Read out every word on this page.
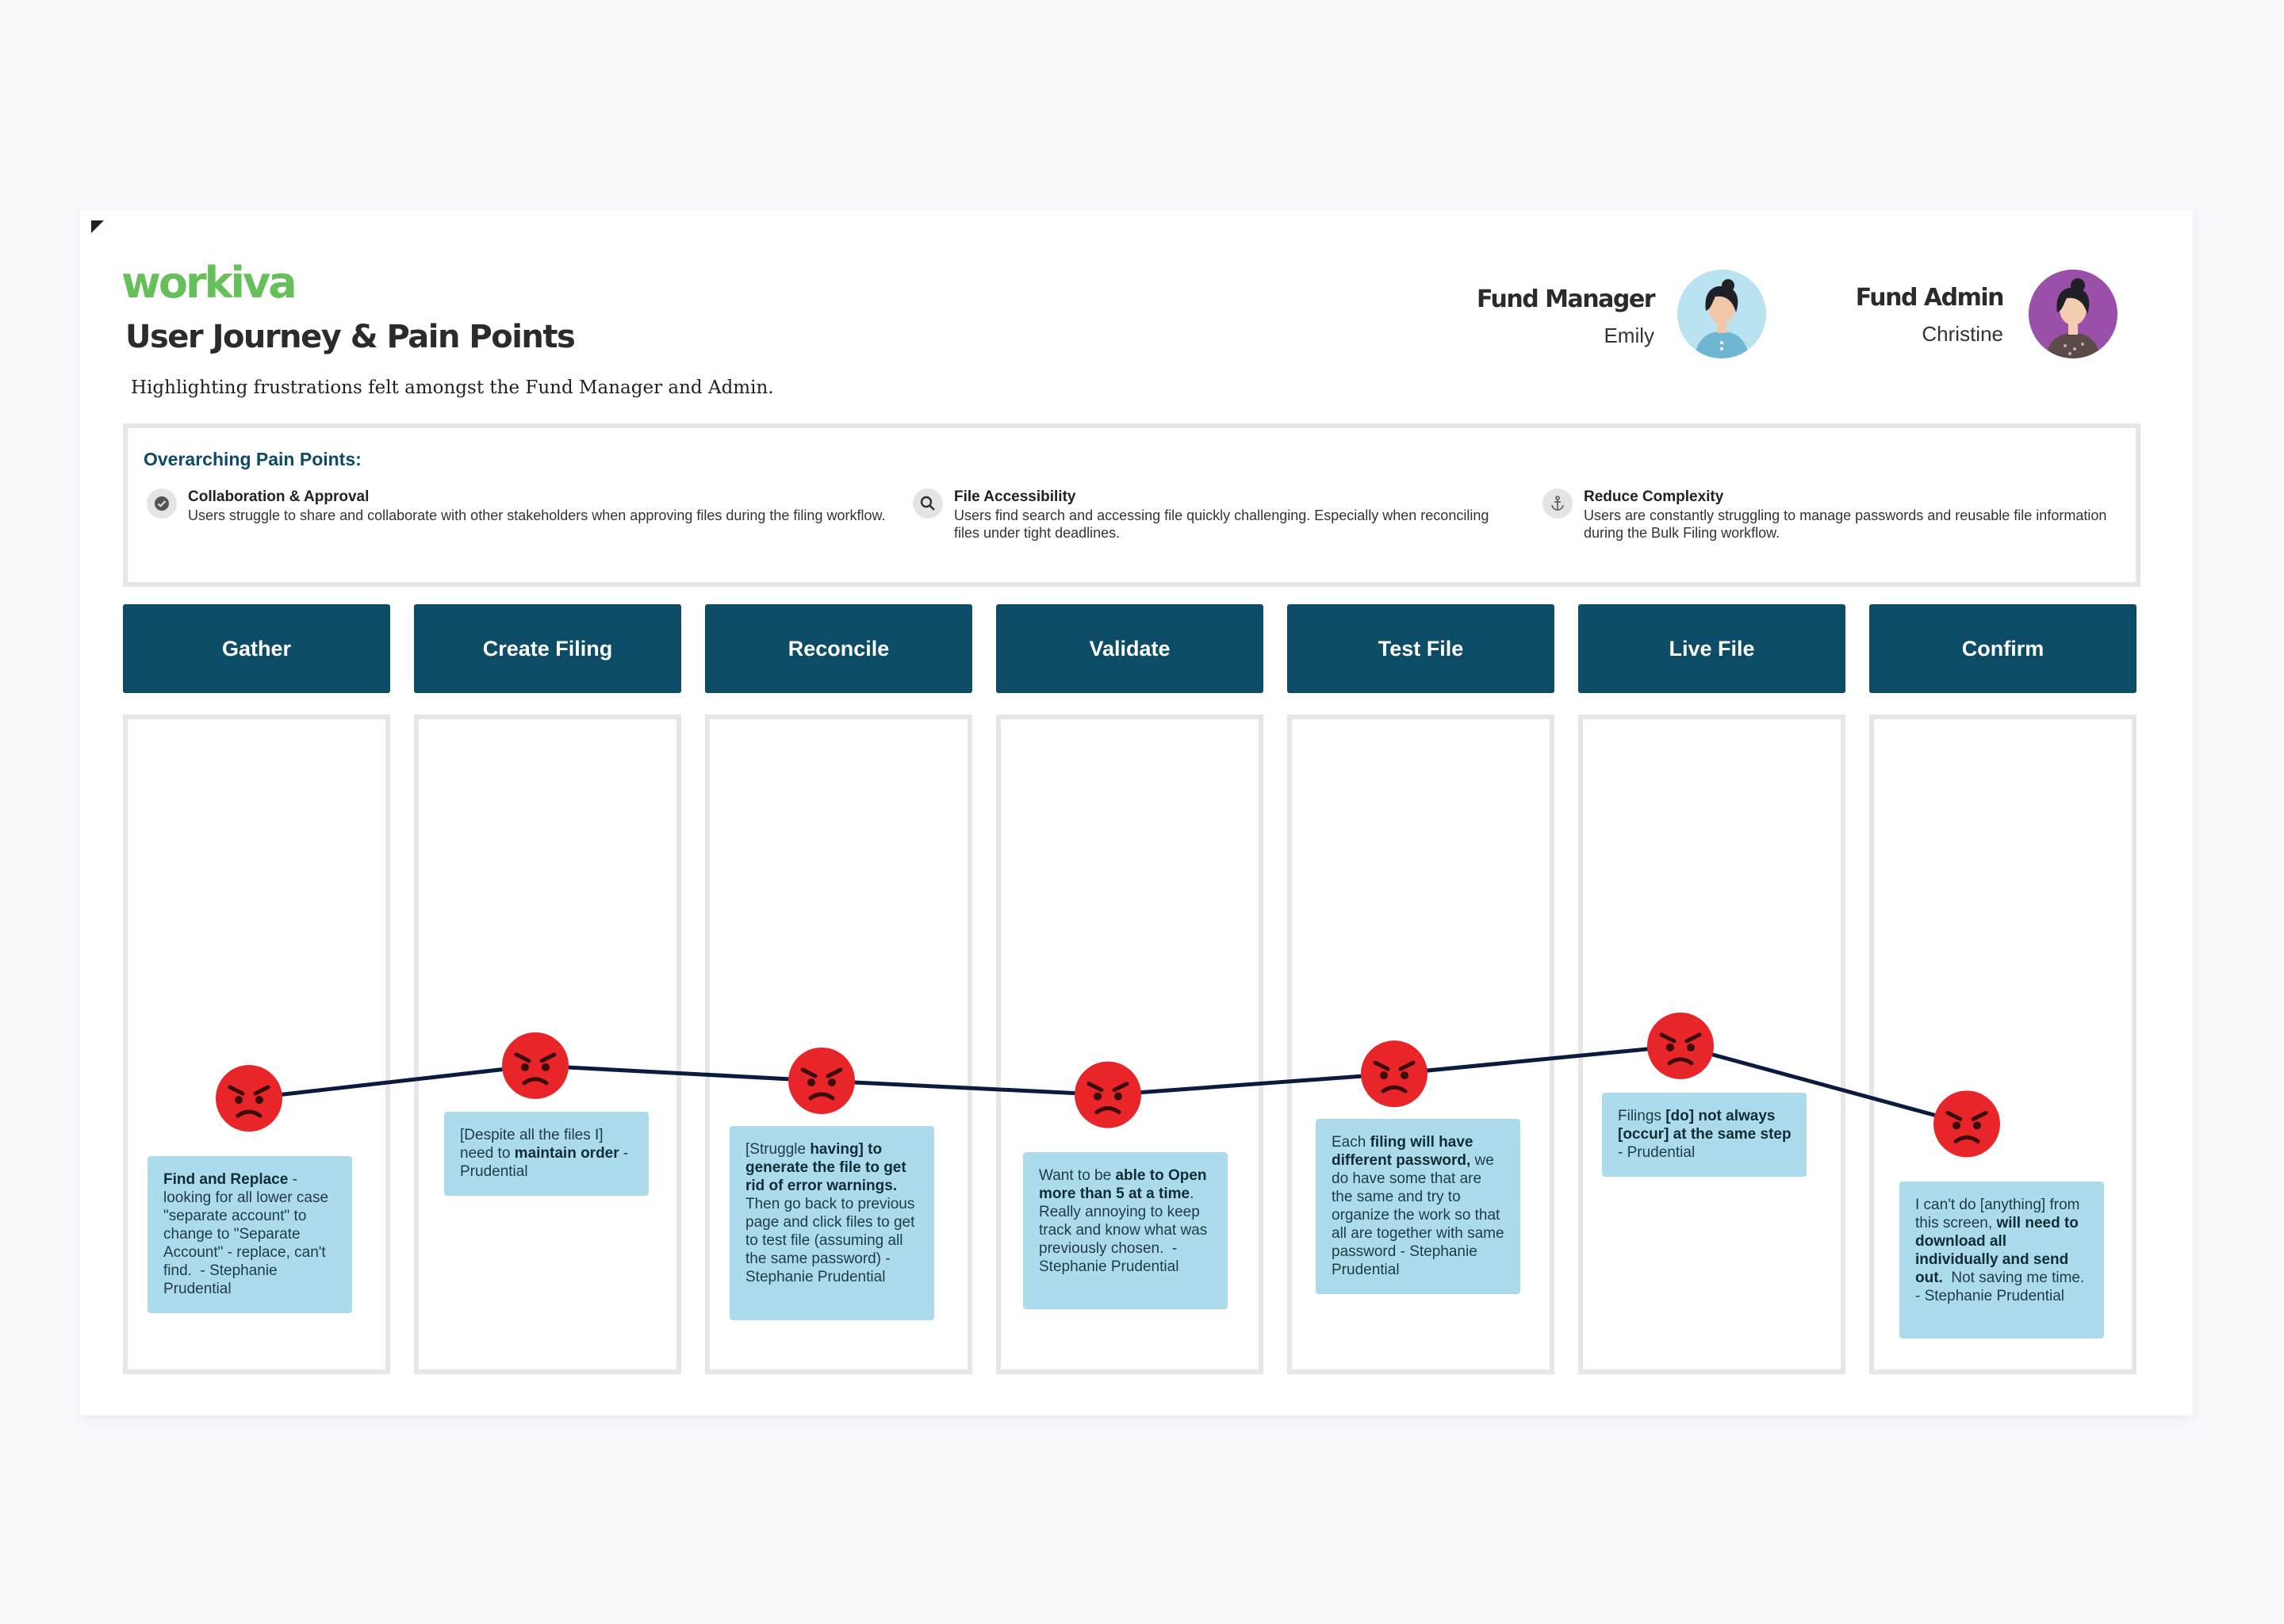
workiva
User Journey & Pain Points
Highlighting frustrations felt amongst the Fund Manager and Admin.
Fund Manager
Emily
Fund Admin
Christine
Overarching Pain Points:
Collaboration & Approval
Users struggle to share and collaborate with other stakeholders when approving files during the filing workflow.
File Accessibility
Users find search and accessing file quickly challenging. Especially when reconciling files under tight deadlines.
Reduce Complexity
Users are constantly struggling to manage passwords and reusable file information during the Bulk Filing workflow.
Gather	Create Filing	Reconcile	Validate	Test File	Live File	Confirm
Find and Replace - looking for all lower case "separate account" to change to "Separate Account" - replace, can't find.  - Stephanie Prudential
[Despite all the files I] need to maintain order - Prudential
[Struggle having] to generate the file to get rid of error warnings. Then go back to previous page and click files to get to test file (assuming all the same password) - Stephanie Prudential
Want to be able to Open more than 5 at a time.    Really annoying to keep track and know what was previously chosen.  - Stephanie Prudential
Each filing will have different password, we do have some that are the same and try to organize the work so that all are together with same password - Stephanie Prudential
Filings [do] not always [occur] at the same step - Prudential
I can't do [anything] from this screen, will need to download all individually and send out.  Not saving me time. - Stephanie Prudential
